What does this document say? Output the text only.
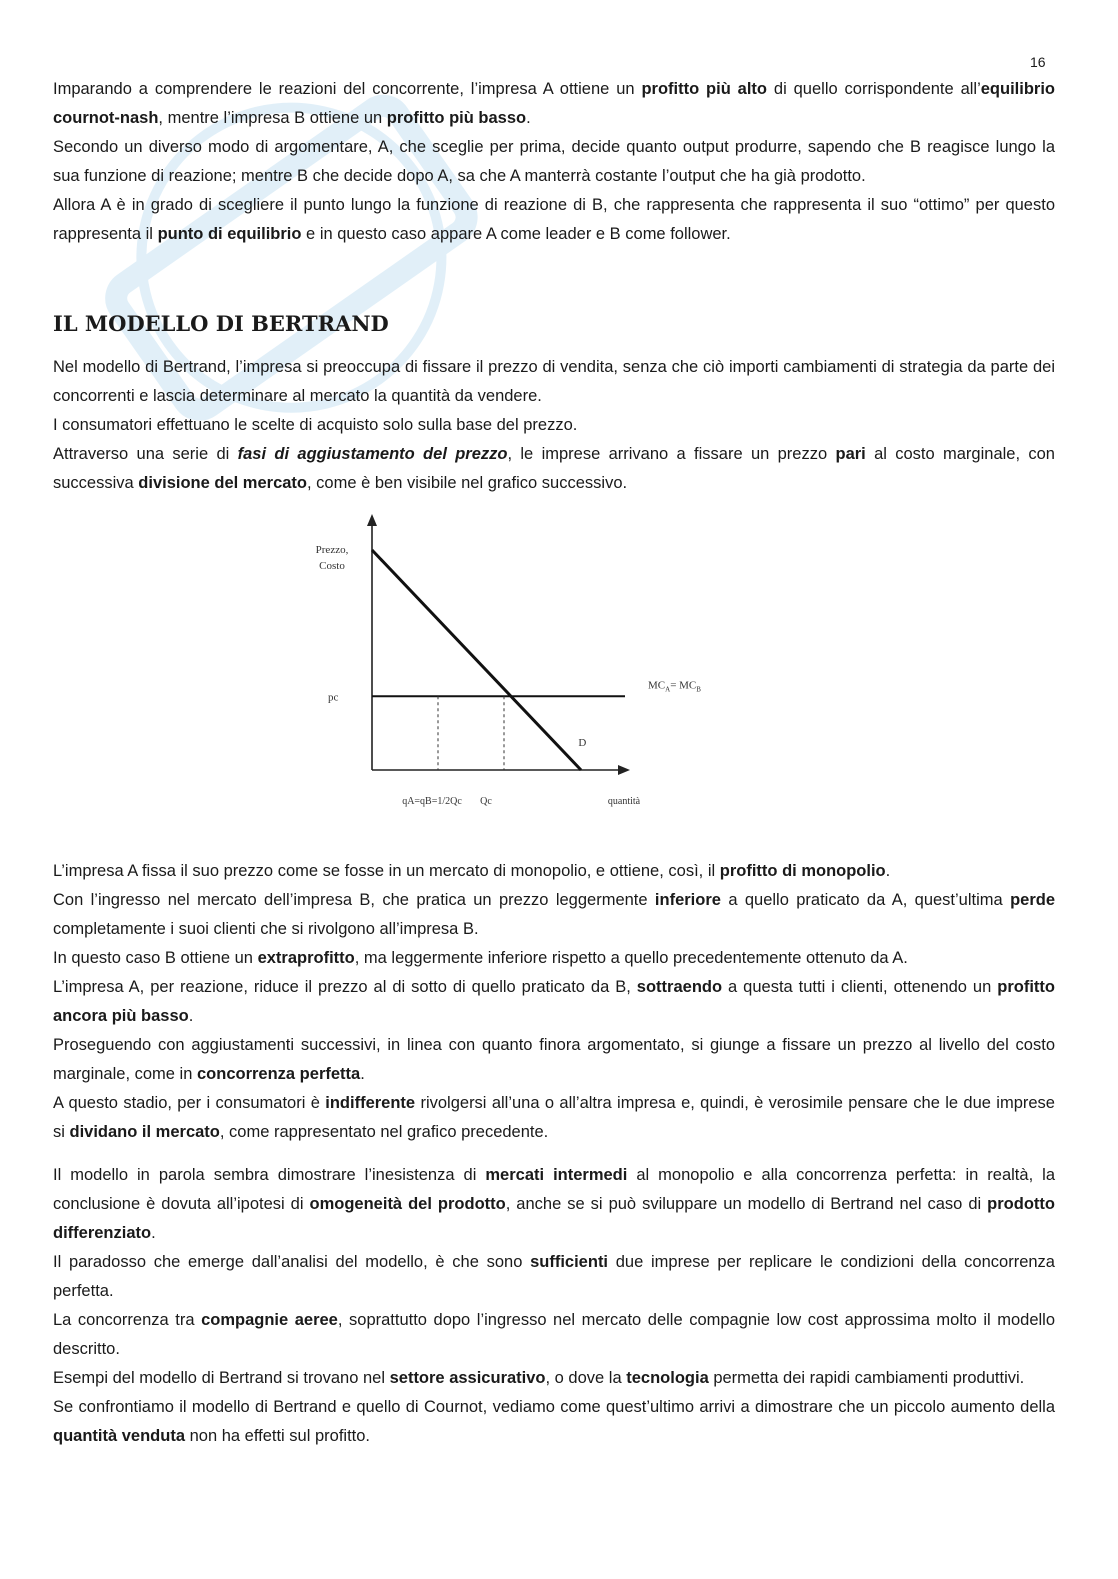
16

Imparando a comprendere le reazioni del concorrente, l’impresa A ottiene un profitto più alto di quello corrispondente all’equilibrio cournot-nash, mentre l’impresa B ottiene un profitto più basso.

Secondo un diverso modo di argomentare, A, che sceglie per prima, decide quanto output produrre, sapendo che B reagisce lungo la sua funzione di reazione; mentre B che decide dopo A, sa che A manterrà costante l’output che ha già prodotto.

Allora A è in grado di scegliere il punto lungo la funzione di reazione di B, che rappresenta che rappresenta il suo “ottimo” per questo rappresenta il punto di equilibrio e in questo caso appare A come leader e B come follower.

IL MODELLO DI BERTRAND

Nel modello di Bertrand, l’impresa si preoccupa di fissare il prezzo di vendita, senza che ciò importi cambiamenti di strategia da parte dei concorrenti e lascia determinare al mercato la quantità da vendere.

I consumatori effettuano le scelte di acquisto solo sulla base del prezzo.

Attraverso una serie di fasi di aggiustamento del prezzo, le imprese arrivano a fissare un prezzo pari al costo marginale, con successiva divisione del mercato, come è ben visibile nel grafico successivo.

Prezzo,
Costo
pc
$MC_A= MC_B$
D
qA=qB=1/2Qc Qc	quantità

L’impresa A fissa il suo prezzo come se fosse in un mercato di monopolio, e ottiene, così, il profitto di monopolio.

Con l’ingresso nel mercato dell’impresa B, che pratica un prezzo leggermente inferiore a quello praticato da A, quest’ultima perde completamente i suoi clienti che si rivolgono all’impresa B.

In questo caso B ottiene un extraprofitto, ma leggermente inferiore rispetto a quello precedentemente ottenuto da A.

L’impresa A, per reazione, riduce il prezzo al di sotto di quello praticato da B, sottraendo a questa tutti i clienti, ottenendo un profitto ancora più basso.

Proseguendo con aggiustamenti successivi, in linea con quanto finora argomentato, si giunge a fissare un prezzo al livello del costo marginale, come in concorrenza perfetta.

A questo stadio, per i consumatori è indifferente rivolgersi all’una o all’altra impresa e, quindi, è verosimile pensare che le due imprese si dividano il mercato, come rappresentato nel grafico precedente.

Il modello in parola sembra dimostrare l’inesistenza di mercati intermedi al monopolio e alla concorrenza perfetta: in realtà, la conclusione è dovuta all’ipotesi di omogeneità del prodotto, anche se si può sviluppare un modello di Bertrand nel caso di prodotto differenziato.

Il paradosso che emerge dall’analisi del modello, è che sono sufficienti due imprese per replicare le condizioni della concorrenza perfetta.

La concorrenza tra compagnie aeree, soprattutto dopo l’ingresso nel mercato delle compagnie low cost approssima molto il modello descritto.

Esempi del modello di Bertrand si trovano nel settore assicurativo, o dove la tecnologia permetta dei rapidi cambiamenti produttivi.

Se confrontiamo il modello di Bertrand e quello di Cournot, vediamo come quest’ultimo arrivi a dimostrare che un piccolo aumento della quantità venduta non ha effetti sul profitto.
